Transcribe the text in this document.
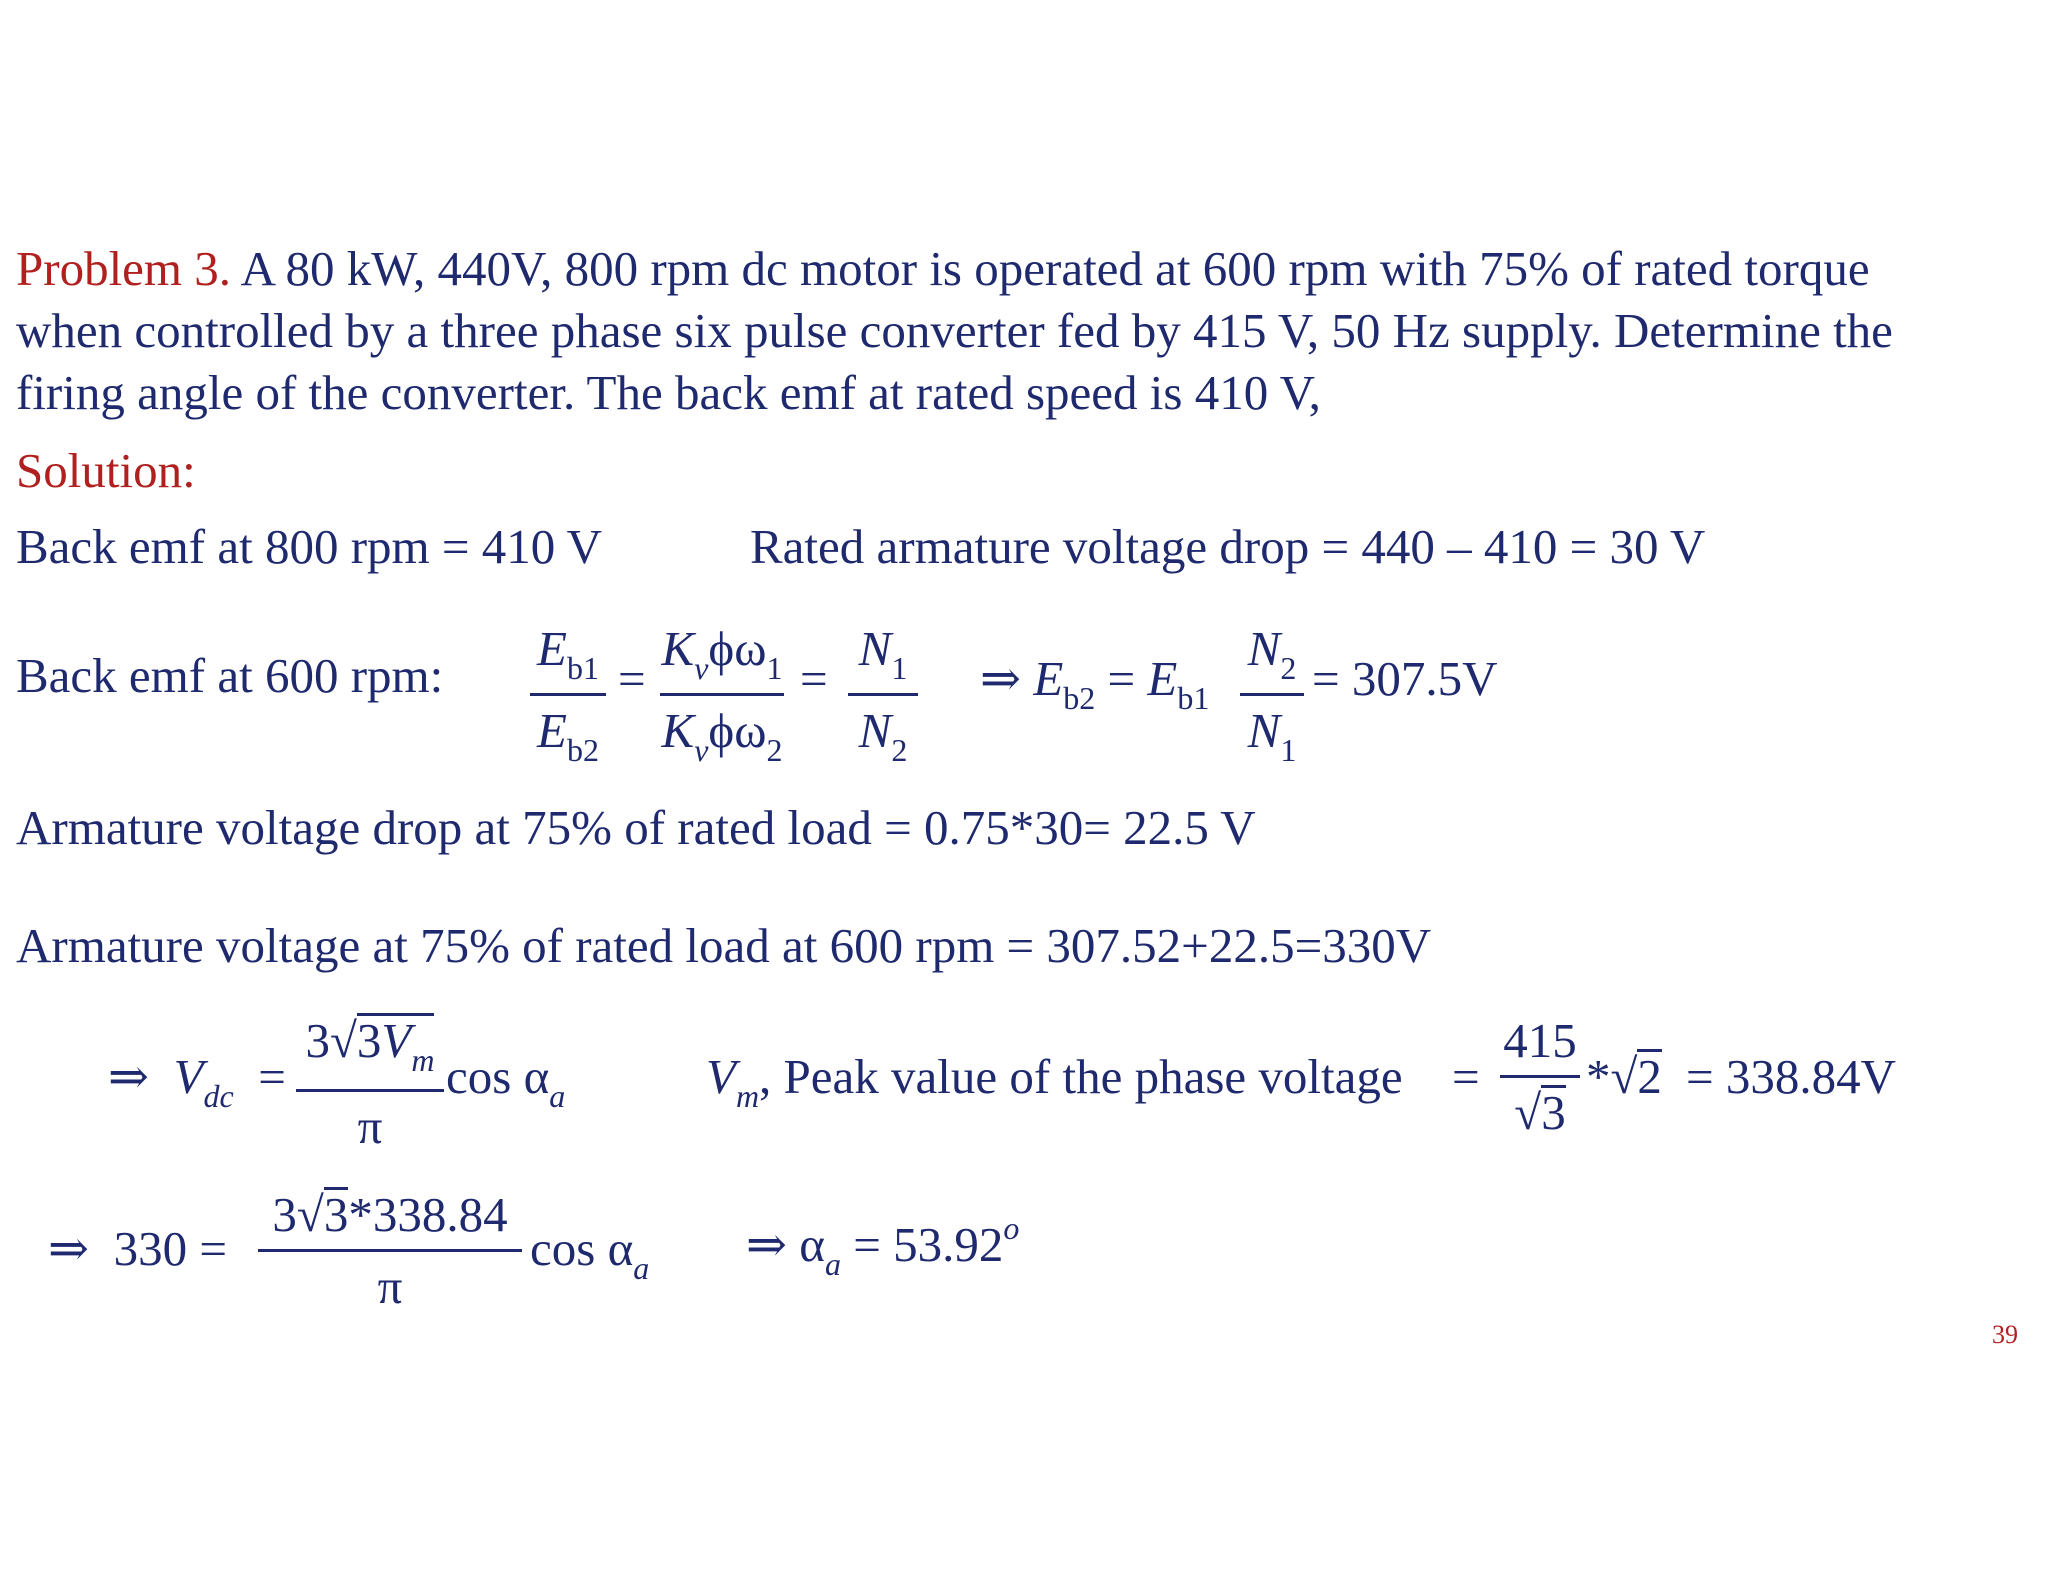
Problem 3. A 80 kW, 440V, 800 rpm dc motor is operated at 600 rpm with 75% of rated torque
when controlled by a three phase six pulse converter fed by 415 V, 50 Hz supply. Determine the
firing angle of the converter. The back emf at rated speed is 410 V,
Solution:
Back emf at 800 rpm = 410 V	Rated armature voltage drop = 440 – 410 = 30 V
Back emf at 600 rpm: $E_{b1}$
$E_{b2}$
=
$K_v\phi\omega_1$
$K_v\phi\omega_2$
=
$N_1$
$N_2$
⇒ $E_{b2} = E_{b1}$
$N_2$
$N_1$
= 307.5V
Armature voltage drop at 75% of rated load = 0.75*30= 22.5 V
Armature voltage at 75% of rated load at 600 rpm = 307.52+22.5=330V
⇒  $V_{dc}$  =
$3√3V_m$
π
$\cos \alpha_a$	$V_m$, Peak value of the phase voltage =
415
√3
*√2 = 338.84V
⇒  330 =
3√3*338.84
π
$\cos \alpha_a$ ⇒ $\alpha_a = 53.92^o$
39
